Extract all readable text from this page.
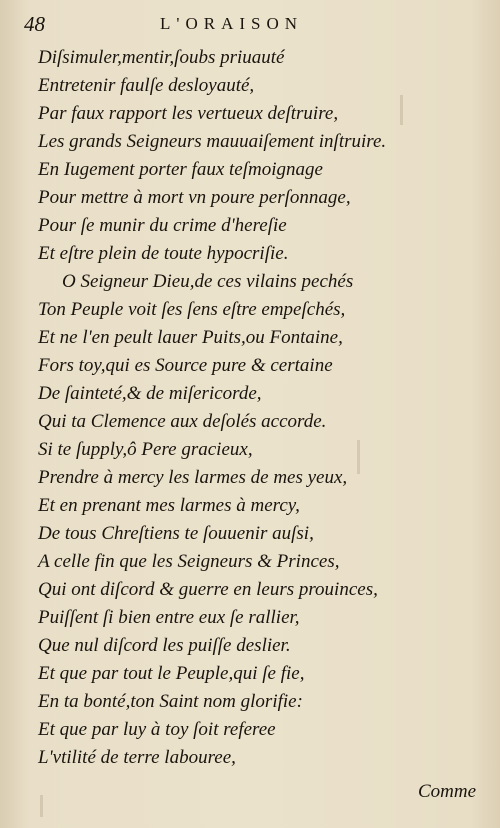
48	L'ORAISON
Diſsimuler,mentir,ſoubs priuauté
Entretenir faulſe desloyauté,
Par faux rapport les vertueux deſtruire,
Les grands Seigneurs mauuaiſement inſtruire.
En Iugement porter faux teſmoignage
Pour mettre à mort vn poure perſonnage,
Pour ſe munir du crime d'hereſie
Et eſtre plein de toute hypocriſie.
O Seigneur Dieu,de ces vilains pechés
Ton Peuple voit ſes ſens eſtre empeſchés,
Et ne l'en peult lauer Puits,ou Fontaine,
Fors toy,qui es Source pure & certaine
De ſainteté,& de miſericorde,
Qui ta Clemence aux deſolés accorde.
Si te ſupply,ô Pere gracieux,
Prendre à mercy les larmes de mes yeux,
Et en prenant mes larmes à mercy,
De tous Chreſtiens te ſouuenir auſsi,
A celle fin que les Seigneurs & Princes,
Qui ont diſcord & guerre en leurs prouinces,
Puiſſent ſi bien entre eux ſe rallier,
Que nul diſcord les puiſſe deslier.
Et que par tout le Peuple,qui ſe fie,
En ta bonté,ton Saint nom glorifie:
Et que par luy à toy ſoit referee
L'vtilité de terre labouree,
Comme
